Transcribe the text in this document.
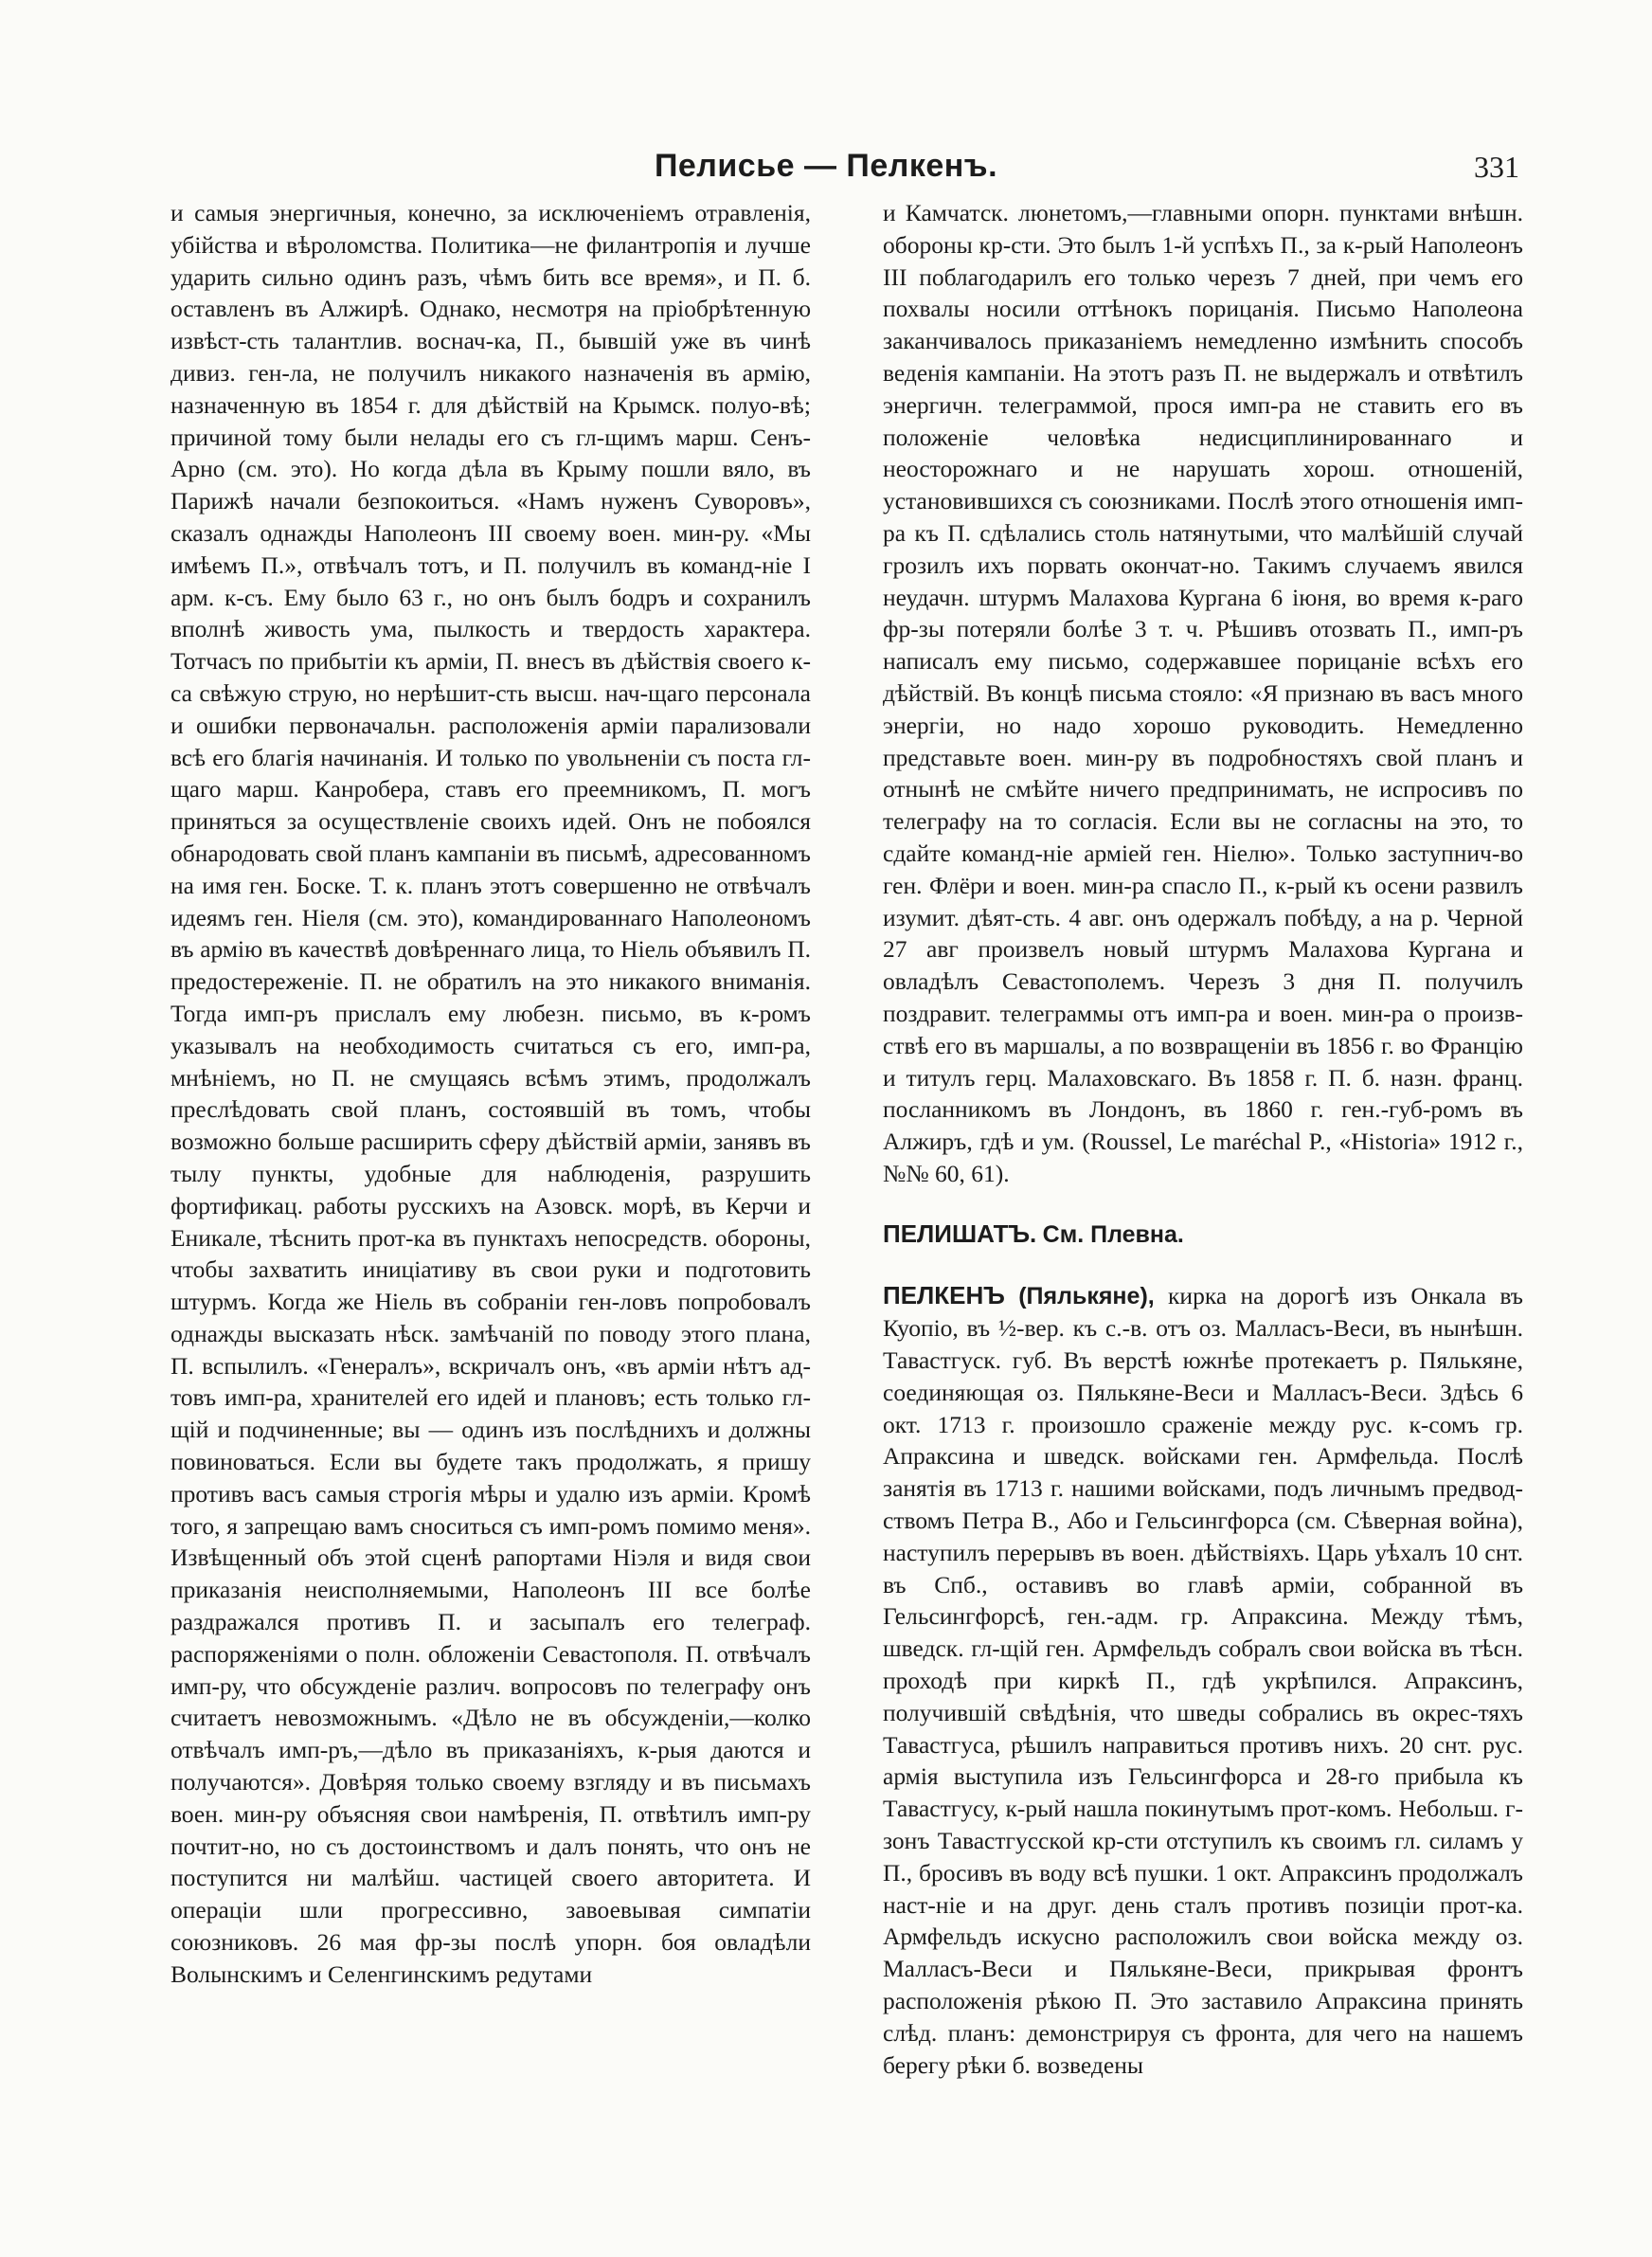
Пелисье — Пелкенъ.	331

и самыя энергичныя, конечно, за исключеніемъ отравленія, убійства и вѣроломства. Политика—не филантропія и лучше ударить сильно одинъ разъ, чѣмъ бить все время», и П. б. оставленъ въ Алжирѣ. Однако, несмотря на пріобрѣтенную извѣст-сть талантлив. воснач-ка, П., бывшій уже въ чинѣ дивиз. ген-ла, не получилъ никакого назначенія въ армію, назначенную въ 1854 г. для дѣйствій на Крымск. полуо-вѣ; причиной тому были нелады его съ гл-щимъ марш. Сенъ-Арно (см. это). Но когда дѣла въ Крыму пошли вяло, въ Парижѣ начали безпокоиться. «Намъ нуженъ Суворовъ», сказалъ однажды Наполеонъ III своему воен. мин-ру. «Мы имѣемъ П.», отвѣчалъ тотъ, и П. получилъ въ команд-ніе I арм. к-съ. Ему было 63 г., но онъ былъ бодръ и сохранилъ вполнѣ живость ума, пылкость и твердость характера. Тотчасъ по прибытіи къ арміи, П. внесъ въ дѣйствія своего к-са свѣжую струю, но нерѣшит-сть высш. нач-щаго персонала и ошибки первоначальн. расположенія арміи парализовали всѣ его благія начинанія. И только по увольненіи съ поста гл-щаго марш. Канробера, ставъ его преемникомъ, П. могъ приняться за осуществленіе своихъ идей. Онъ не побоялся обнародовать свой планъ кампаніи въ письмѣ, адресованномъ на имя ген. Боске. Т. к. планъ этотъ совершенно не отвѣчалъ идеямъ ген. Ніеля (см. это), командированнаго Наполеономъ въ армію въ качествѣ довѣреннаго лица, то Ніель объявилъ П. предостереженіе. П. не обратилъ на это никакого вниманія. Тогда имп-ръ прислалъ ему любезн. письмо, въ к-ромъ указывалъ на необходимость считаться съ его, имп-ра, мнѣніемъ, но П. не смущаясь всѣмъ этимъ, продолжалъ преслѣдовать свой планъ, состоявшій въ томъ, чтобы возможно больше расширить сферу дѣйствій арміи, занявъ въ тылу пункты, удобные для наблюденія, разрушить фортификац. работы русскихъ на Азовск. морѣ, въ Керчи и Еникале, тѣснить прот-ка въ пунктахъ непосредств. обороны, чтобы захватить иниціативу въ свои руки и подготовить штурмъ. Когда же Ніель въ собраніи ген-ловъ попробовалъ однажды высказать нѣск. замѣчаній по поводу этого плана, П. вспылилъ. «Генералъ», вскричалъ онъ, «въ арміи нѣтъ ад-товъ имп-ра, хранителей его идей и плановъ; есть только гл-щій и подчиненные; вы — одинъ изъ послѣднихъ и должны повиноваться. Если вы будете такъ продолжать, я пришу противъ васъ самыя строгія мѣры и удалю изъ арміи. Кромѣ того, я запрещаю вамъ сноситься съ имп-ромъ помимо меня». Извѣщенный объ этой сценѣ рапортами Ніэля и видя свои приказанія неисполняемыми, Наполеонъ III все болѣе раздражался противъ П. и засыпалъ его телеграф. распоряженіями о полн. обложеніи Севастополя. П. отвѣчалъ имп-ру, что обсужденіе различ. вопросовъ по телеграфу онъ считаетъ невозможнымъ. «Дѣло не въ обсужденіи,—колко отвѣчалъ имп-ръ,—дѣло въ приказаніяхъ, к-рыя даются и получаются». Довѣряя только своему взгляду и въ письмахъ воен. мин-ру объясняя свои намѣренія, П. отвѣтилъ имп-ру почтит-но, но съ достоинствомъ и далъ понять, что онъ не поступится ни малѣйш. частицей своего авторитета. И операціи шли прогрессивно, завоевывая симпатіи союзниковъ. 26 мая фр-зы послѣ упорн. боя овладѣли Волынскимъ и Селенгинскимъ редутами

и Камчатск. люнетомъ,—главными опорн. пунктами внѣшн. обороны кр-сти. Это былъ 1-й успѣхъ П., за к-рый Наполеонъ III поблагодарилъ его только черезъ 7 дней, при чемъ его похвалы носили оттѣнокъ порицанія. Письмо Наполеона заканчивалось приказаніемъ немедленно измѣнить способъ веденія кампаніи. На этотъ разъ П. не выдержалъ и отвѣтилъ энергичн. телеграммой, прося имп-ра не ставить его въ положеніе человѣка недисциплинированнаго и неосторожнаго и не нарушать хорош. отношеній, установившихся съ союзниками. Послѣ этого отношенія имп-ра къ П. сдѣлались столь натянутыми, что малѣйшій случай грозилъ ихъ порвать окончат-но. Такимъ случаемъ явился неудачн. штурмъ Малахова Кургана 6 іюня, во время к-раго фр-зы потеряли болѣе 3 т. ч. Рѣшивъ отозвать П., имп-ръ написалъ ему письмо, содержавшее порицаніе всѣхъ его дѣйствій. Въ концѣ письма стояло: «Я признаю въ васъ много энергіи, но надо хорошо руководить. Немедленно представьте воен. мин-ру въ подробностяхъ свой планъ и отнынѣ не смѣйте ничего предпринимать, не испросивъ по телеграфу на то согласія. Если вы не согласны на это, то сдайте команд-ніе арміей ген. Ніелю». Только заступнич-во ген. Флёри и воен. мин-ра спасло П., к-рый къ осени развилъ изумит. дѣят-сть. 4 авг. онъ одержалъ побѣду, а на р. Черной 27 авг произвелъ новый штурмъ Малахова Кургана и овладѣлъ Севастополемъ. Черезъ 3 дня П. получилъ поздравит. телеграммы отъ имп-ра и воен. мин-ра о произв-ствѣ его въ маршалы, а по возвращеніи въ 1856 г. во Францію и титулъ герц. Малаховскаго. Въ 1858 г. П. б. назн. франц. посланникомъ въ Лондонъ, въ 1860 г. ген.-губ-ромъ въ Алжиръ, гдѣ и ум. (Roussel, Le maréchal P., «Historia» 1912 г., №№ 60, 61).

ПЕЛИШАТЪ. См. Плевна.
ПЕЛКЕНЪ (Пялькяне), кирка на дорогѣ изъ Онкала въ Куопіо, въ ½-вер. къ с.-в. отъ оз. Малласъ-Веси, въ нынѣшн. Тавастгуск. губ. Въ верстѣ южнѣе протекаетъ р. Пялькяне, соединяющая оз. Пялькяне-Веси и Малласъ-Веси. Здѣсь 6 окт. 1713 г. произошло сраженіе между рус. к-сомъ гр. Апраксина и шведск. войсками ген. Армфельда. Послѣ занятія въ 1713 г. нашими войсками, подъ личнымъ предвод-ствомъ Петра В., Або и Гельсингфорса (см. Сѣверная война), наступилъ перерывъ въ воен. дѣйствіяхъ. Царь уѣхалъ 10 снт. въ Спб., оставивъ во главѣ арміи, собранной въ Гельсингфорсѣ, ген.-адм. гр. Апраксина. Между тѣмъ, шведск. гл-щій ген. Армфельдъ собралъ свои войска въ тѣсн. проходѣ при киркѣ П., гдѣ укрѣпился. Апраксинъ, получившій свѣдѣнія, что шведы собрались въ окрес-тяхъ Тавастгуса, рѣшилъ направиться противъ нихъ. 20 снт. рус. армія выступила изъ Гельсингфорса и 28-го прибыла къ Тавастгусу, к-рый нашла покинутымъ прот-комъ. Небольш. г-зонъ Тавастгусской кр-сти отступилъ къ своимъ гл. силамъ у П., бросивъ въ воду всѣ пушки. 1 окт. Апраксинъ продолжалъ наст-ніе и на друг. день сталъ противъ позиціи прот-ка. Армфельдъ искусно расположилъ свои войска между оз. Малласъ-Веси и Пялькяне-Веси, прикрывая фронтъ расположенія рѣкою П. Это заставило Апраксина принять слѣд. планъ: демонстрируя съ фронта, для чего на нашемъ берегу рѣки б. возведены
